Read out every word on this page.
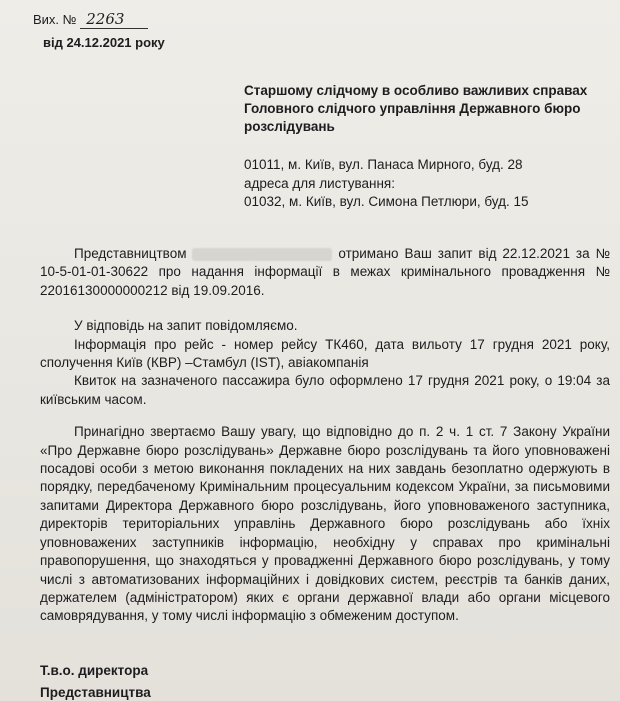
Вих. № 2263
від 24.12.2021 року
Старшому слідчому в особливо важливих справах
Головного слідчого управління Державного бюро
розслідувань
01011, м. Київ, вул. Панаса Мирного, буд. 28
адреса для листування:
01032, м. Київ, вул. Симона Петлюри, буд. 15

Представництвом	отримано Ваш запит від 22.12.2021 за № 10-5-01-01-30622 про надання інформації в межах кримінального провадження № 22016130000000212 від 19.09.2016.

У відповідь на запит повідомляємо.

Інформація про рейс - номер рейсу ТК460, дата вильоту 17 грудня 2021 року, сполучення Київ (КВР) –Стамбул (IST), авіакомпанія

Квиток на зазначеного пассажира було оформлено 17 грудня 2021 року, о 19:04 за київським часом.

Принагідно звертаємо Вашу увагу, що відповідно до п. 2 ч. 1 ст. 7 Закону України «Про Державне бюро розслідувань» Державне бюро розслідувань та його уповноважені посадові особи з метою виконання покладених на них завдань безоплатно одержують в порядку, передбаченому Кримінальним процесуальним кодексом України, за письмовими запитами Директора Державного бюро розслідувань, його уповноваженого заступника, директорів територіальних управлінь Державного бюро розслідувань або їхніх уповноважених заступників інформацію, необхідну у справах про кримінальні правопорушення, що знаходяться у провадженні Державного бюро розслідувань, у тому числі з автоматизованих інформаційних і довідкових систем, реєстрів та банків даних, держателем (адміністратором) яких є органи державної влади або органи місцевого самоврядування, у тому числі інформацію з обмеженим доступом.

Т.в.о. директора
Представництва
